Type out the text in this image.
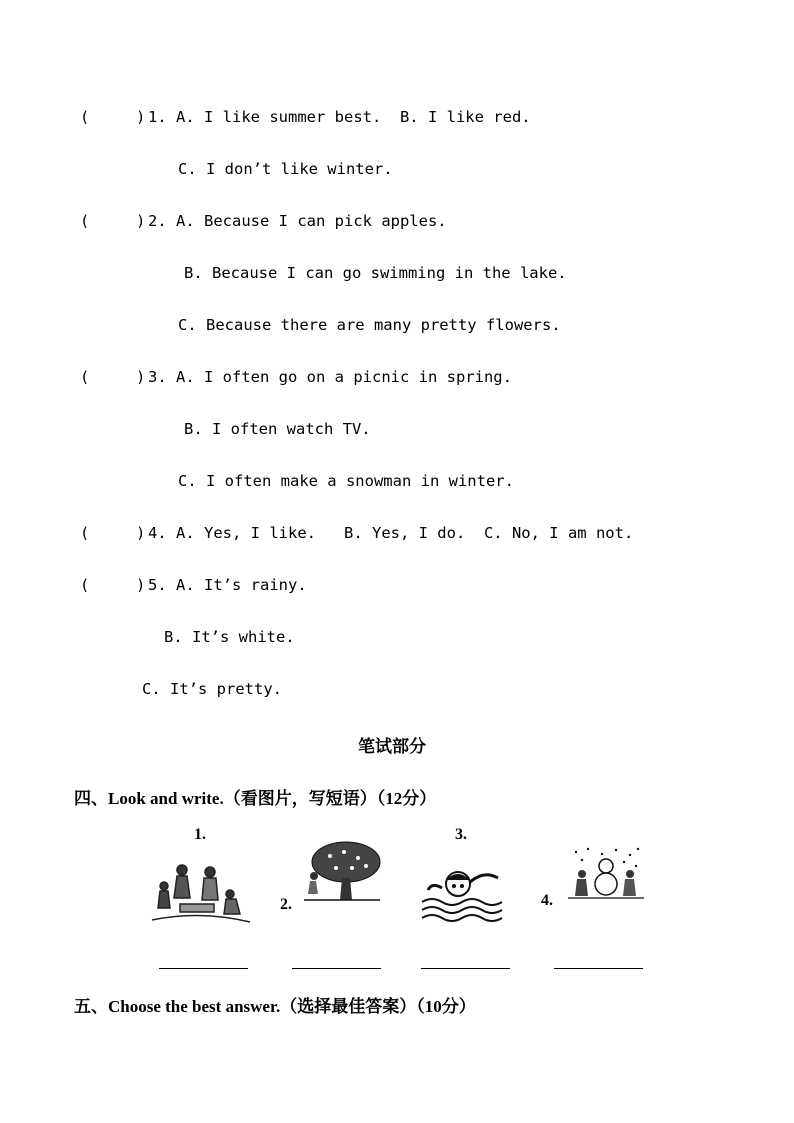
(     ) 1. A. I like summer best.  B. I like red.
C. I don’t like winter.
(     ) 2. A. Because I can pick apples.
B. Because I can go swimming in the lake.
C. Because there are many pretty flowers.
(     ) 3. A. I often go on a picnic in spring.
B. I often watch TV.
C. I often make a snowman in winter.
(     ) 4. A. Yes, I like.   B. Yes, I do.  C. No, I am not.
(     ) 5. A. It’s rainy.
B. It’s white.
C. It’s pretty.
笔试部分
四、Look and write.（看图片，写短语）（12分）
1.
2.
3.
4.
五、Choose the best answer.（选择最佳答案）（10分）
